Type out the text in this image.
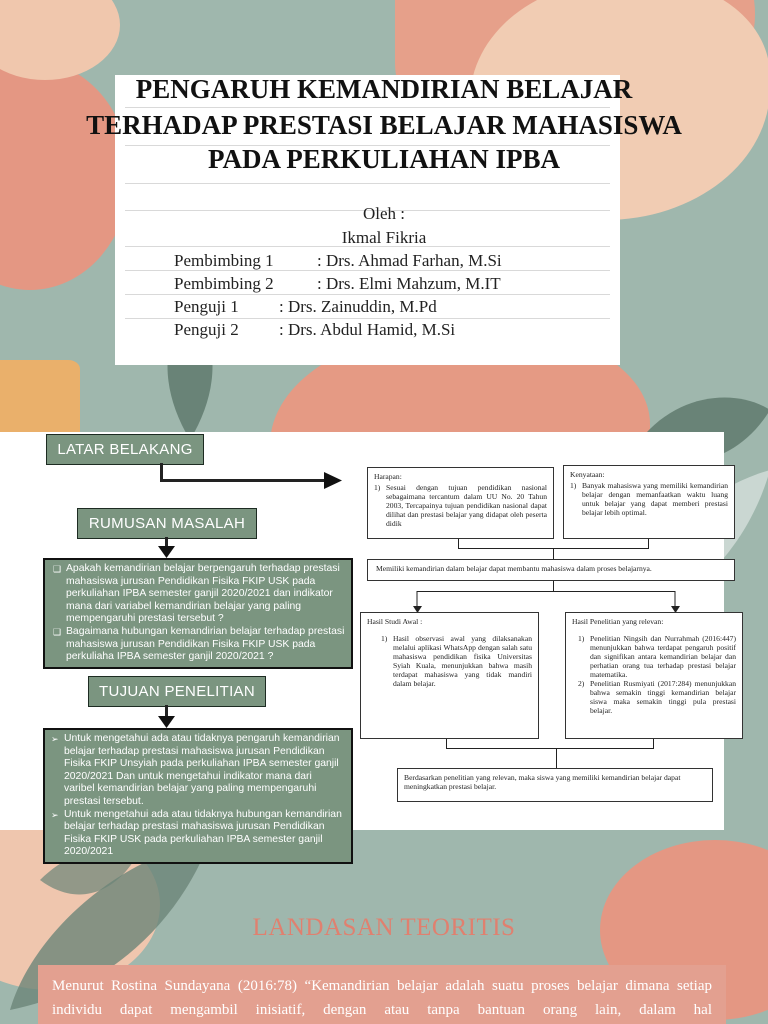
PENGARUH KEMANDIRIAN BELAJAR
TERHADAP PRESTASI BELAJAR MAHASISWA
PADA PERKULIAHAN IPBA
Oleh :
Ikmal Fikria
Pembimbing 1	: Drs. Ahmad Farhan, M.Si
Pembimbing 2	: Drs. Elmi Mahzum, M.IT
Penguji 1 : Drs. Zainuddin, M.Pd
Penguji 2 : Drs. Abdul Hamid, M.Si
LATAR BELAKANG
RUMUSAN MASALAH
❑ Apakah kemandirian belajar berpengaruh terhadap prestasi mahasiswa jurusan Pendidikan Fisika FKIP USK pada perkuliahan IPBA semester ganjil 2020/2021 dan indikator mana dari variabel kemandirian belajar yang paling mempengaruhi prestasi tersebut ?
❑ Bagaimana hubungan kemandirian belajar terhadap prestasi mahasiswa jurusan Pendidikan Fisika FKIP USK pada perkuliaha IPBA semester ganjil 2020/2021 ?
TUJUAN PENELITIAN
➢ Untuk mengetahui ada atau tidaknya pengaruh kemandirian belajar terhadap prestasi mahasiswa jurusan Pendidikan Fisika FKIP Unsyiah pada perkuliahan IPBA semester ganjil 2020/2021 Dan untuk mengetahui indikator mana dari varibel kemandirian belajar yang paling mempengaruhi prestasi tersebut.
➢ Untuk mengetahui ada atau tidaknya hubungan kemandirian belajar terhadap prestasi mahasiswa jurusan Pendidikan Fisika FKIP USK pada perkuliahan IPBA semester ganjil 2020/2021
Harapan:
1) Sesuai dengan tujuan pendidikan nasional sebagaimana tercantum dalam UU No. 20 Tahun 2003, Tercapainya tujuan pendidikan nasional dapat dilihat dan prestasi belajar yang didapat oleh peserta didik
Kenyataan:
1) Banyak mahasiswa yang memiliki kemandirian belajar dengan memanfaatkan waktu luang untuk belajar yang dapat memberi prestasi belajar lebih optimal.
Memiliki kemandirian dalam belajar dapat membantu mahasiswa dalam proses belajarnya.
Hasil Studi Awal :
1) Hasil observasi awal yang dilaksanakan melalui aplikasi WhatsApp dengan salah satu mahasiswa pendidikan fisika Universitas Syiah Kuala, menunjukkan bahwa masih terdapat mahasiswa yang tidak mandiri dalam belajar.
Hasil Penelitian yang relevan:
1) Penelitian Ningsih dan Nurrahmah (2016:447) menunjukkan bahwa terdapat pengaruh positif dan signifikan antara kemandirian belajar dan perhatian orang tua terhadap prestasi belajar matematika.
2) Penelitian Rusmiyati (2017:284) menunjukkan bahwa semakin tinggi kemandirian belajar siswa maka semakin tinggi pula prestasi belajar.
Berdasarkan penelitian yang relevan, maka siswa yang memiliki kemandirian belajar dapat meningkatkan prestasi belajar.
LANDASAN TEORITIS
Menurut Rostina Sundayana (2016:78) “Kemandirian belajar adalah suatu proses belajar dimana setiap individu dapat mengambil inisiatif, dengan atau tanpa bantuan orang lain, dalam hal
